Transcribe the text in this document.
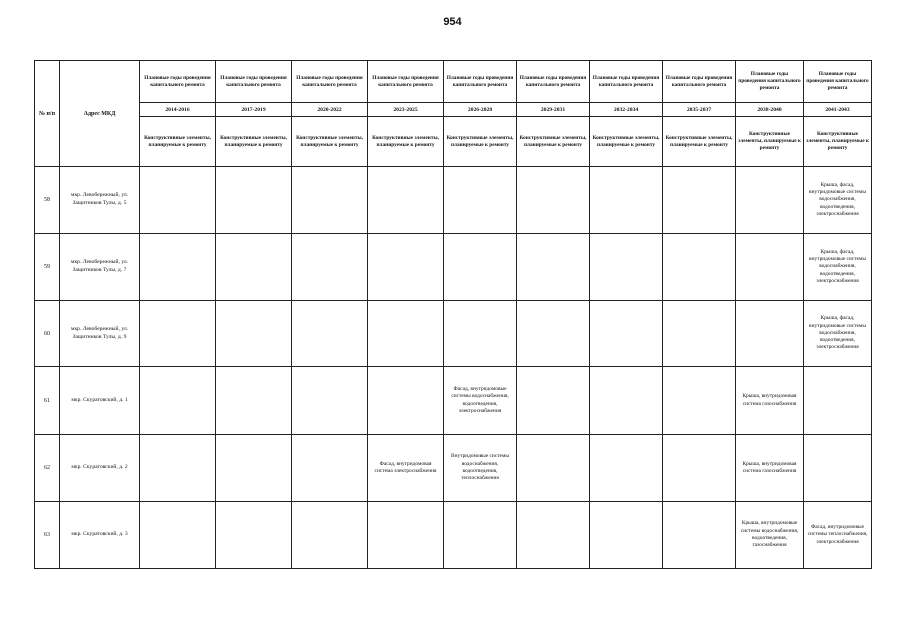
954
№ п/п	Адрес МКД	Плановые годы проведения капитального ремонта	Плановые годы проведения капитального ремонта	Плановые годы проведения капитального ремонта	Плановые годы проведения капитального ремонта	Плановые годы проведения капитального ремонта	Плановые годы проведения капитального ремонта	Плановые годы проведения капитального ремонта	Плановые годы проведения капитального ремонта	Плановые годы проведения капитального ремонта	Плановые годы проведения капитального ремонта
		2014-2016	2017-2019	2020-2022	2023-2025	2026-2028	2029-2031	2032-2034	2035-2037	2038-2040	2041-2043
		Конструктивные элементы, планируемые к ремонту	Конструктивные элементы, планируемые к ремонту	Конструктивные элементы, планируемые к ремонту	Конструктивные элементы, планируемые к ремонту	Конструктивные элементы, планируемые к ремонту	Конструктивные элементы, планируемые к ремонту	Конструктивные элементы, планируемые к ремонту	Конструктивные элементы, планируемые к ремонту	Конструктивные элементы, планируемые к ремонту	Конструктивные элементы, планируемые к ремонту
58	мкр. Левобережный, ул. Защитников Тулы, д. 5										Крыша, фасад, внутридомовые системы водоснабжения, водоотведения, электроснабжения
59	мкр. Левобережный, ул. Защитников Тулы, д. 7										Крыша, фасад, внутридомовые системы водоснабжения, водоотведения, электроснабжения
60	мкр. Левобережный, ул. Защитников Тулы, д. 9										Крыша, фасад, внутридомовые системы водоснабжения, водоотведения, электроснабжения
61	мкр. Скуратовский, д. 1					Фасад, внутридомовые системы водоснабжения, водоотведения, электроснабжения				Крыша, внутридомовая система газоснабжения	
62	мкр. Скуратовский, д. 2				Фасад, внутридомовая система электроснабжения	Внутридомовые системы водоснабжения, водоотведения, теплоснабжения				Крыша, внутридомовая система газоснабжения	
63	мкр. Скуратовский, д. 3									Крыша, внутридомовые системы водоснабжения, водоотведения, газоснабжения	Фасад, внутридомовые системы теплоснабжения, электроснабжения
